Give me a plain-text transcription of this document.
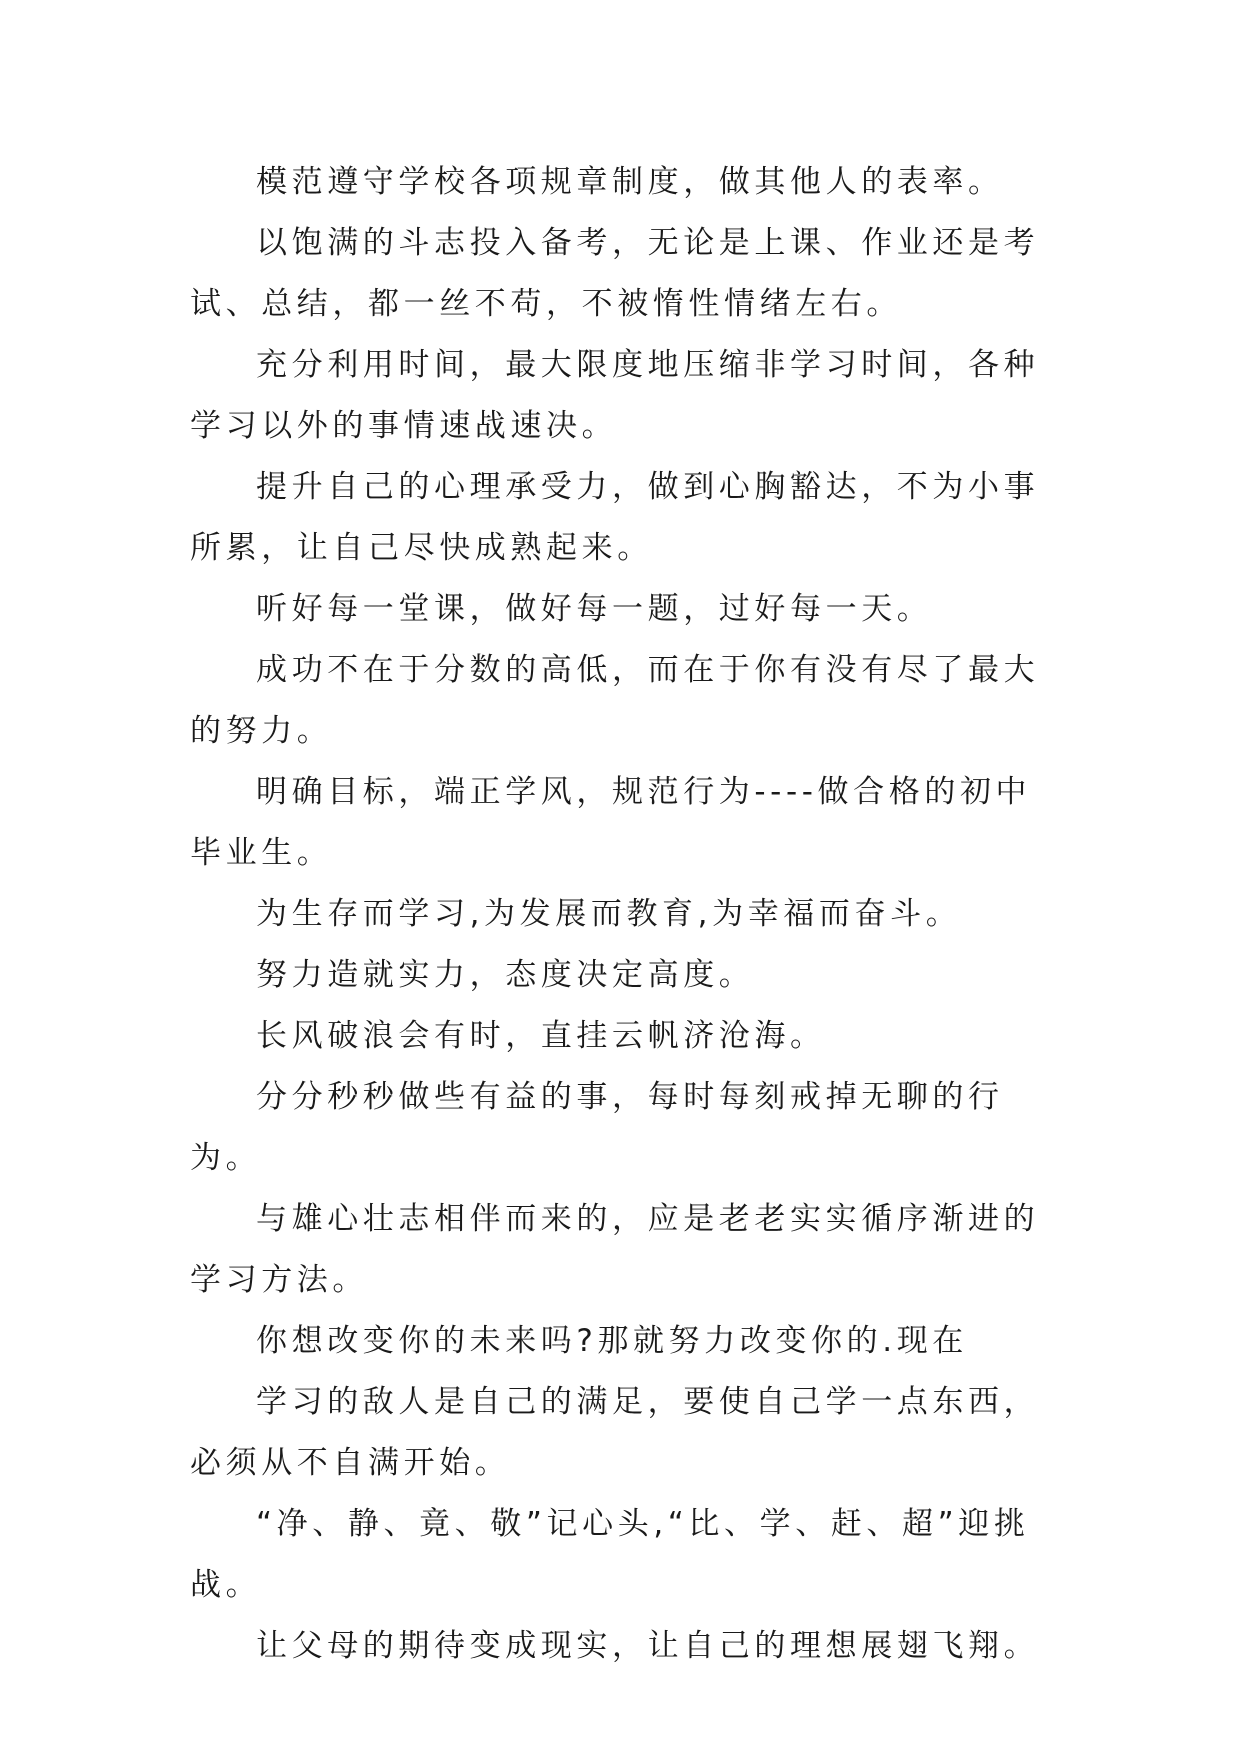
模范遵守学校各项规章制度，做其他人的表率。

以饱满的斗志投入备考，无论是上课、作业还是考试、总结，都一丝不苟，不被惰性情绪左右。

充分利用时间，最大限度地压缩非学习时间，各种学习以外的事情速战速决。

提升自己的心理承受力，做到心胸豁达，不为小事所累，让自己尽快成熟起来。

听好每一堂课，做好每一题，过好每一天。

成功不在于分数的高低，而在于你有没有尽了最大的努力。

明确目标，端正学风，规范行为----做合格的初中毕业生。

为生存而学习,为发展而教育,为幸福而奋斗。

努力造就实力，态度决定高度。

长风破浪会有时，直挂云帆济沧海。

分分秒秒做些有益的事，每时每刻戒掉无聊的行为。

与雄心壮志相伴而来的，应是老老实实循序渐进的学习方法。

你想改变你的未来吗?那就努力改变你的.现在

学习的敌人是自己的满足，要使自己学一点东西，必须从不自满开始。

“净、静、竟、敬”记心头,“比、学、赶、超”迎挑战。

让父母的期待变成现实，让自己的理想展翅飞翔。
